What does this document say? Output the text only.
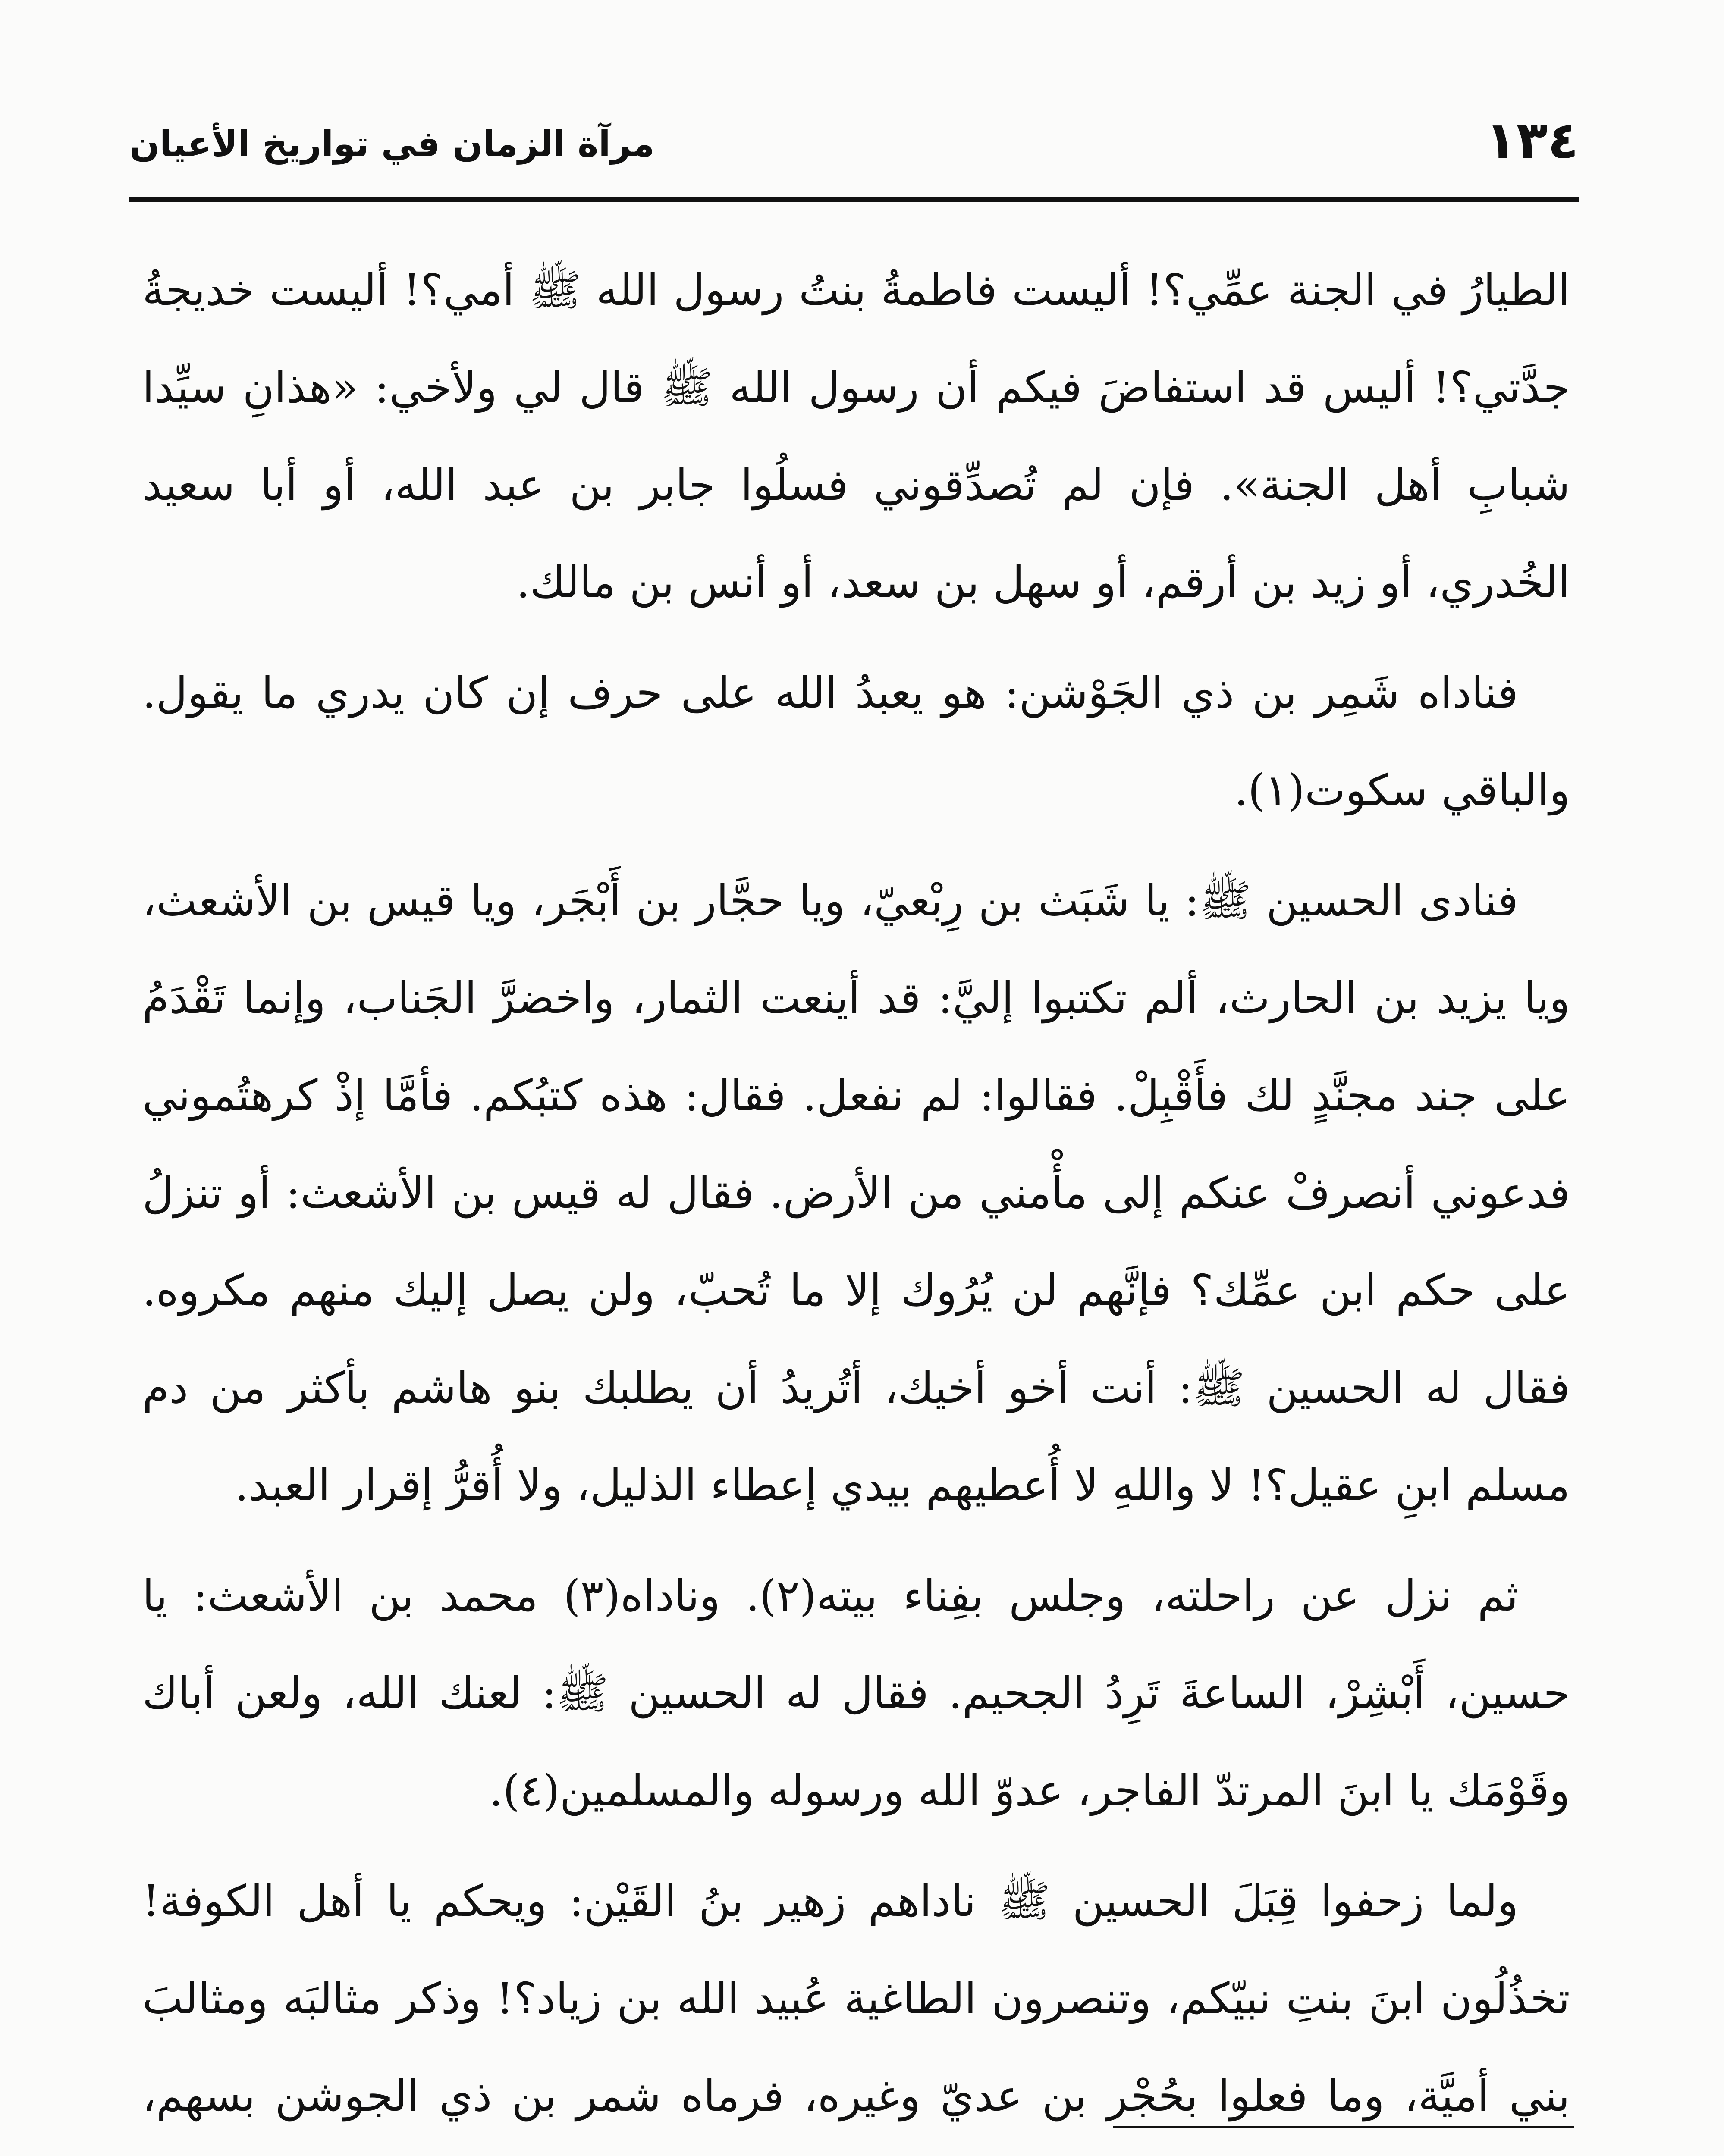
١٣٤
مرآة الزمان في تواريخ الأعيان

الطيارُ في الجنة عمِّي؟! أليست فاطمةُ بنتُ رسول الله ﷺ أمي؟! أليست خديجةُ جدَّتي؟! أليس قد استفاضَ فيكم أن رسول الله ﷺ قال لي ولأخي: «هذانِ سيِّدا شبابِ أهل الجنة». فإن لم تُصدِّقوني فسلُوا جابر بن عبد الله، أو أبا سعيد الخُدري، أو زيد بن أرقم، أو سهل بن سعد، أو أنس بن مالك.

فناداه شَمِر بن ذي الجَوْشن: هو يعبدُ الله على حرف إن كان يدري ما يقول. والباقي سكوت(١).

فنادى الحسين ﷺ: يا شَبَث بن رِبْعيّ، ويا حجَّار بن أَبْجَر، ويا قيس بن الأشعث، ويا يزيد بن الحارث، ألم تكتبوا إليَّ: قد أينعت الثمار، واخضرَّ الجَناب، وإنما تَقْدَمُ على جند مجنَّدٍ لك فأَقْبِلْ. فقالوا: لم نفعل. فقال: هذه كتبُكم. فأمَّا إذْ كرهتُموني فدعوني أنصرفْ عنكم إلى مأْمني من الأرض. فقال له قيس بن الأشعث: أو تنزلُ على حكم ابن عمِّك؟ فإنَّهم لن يُرُوك إلا ما تُحبّ، ولن يصل إليك منهم مكروه. فقال له الحسين ﷺ: أنت أخو أخيك، أتُريدُ أن يطلبك بنو هاشم بأكثر من دم مسلم ابنِ عقيل؟! لا واللهِ لا أُعطيهم بيدي إعطاء الذليل، ولا أُقرُّ إقرار العبد.

ثم نزل عن راحلته، وجلس بفِناء بيته(٢). وناداه(٣) محمد بن الأشعث: يا حسين، أَبْشِرْ، الساعةَ تَرِدُ الجحيم. فقال له الحسين ﷺ: لعنك الله، ولعن أباك وقَوْمَك يا ابنَ المرتدّ الفاجر، عدوّ الله ورسوله والمسلمين(٤).

ولما زحفوا قِبَلَ الحسين ﷺ ناداهم زهير بنُ القَيْن: ويحكم يا أهل الكوفة! تخذُلُون ابنَ بنتِ نبيّكم، وتنصرون الطاغية عُبيد الله بن زياد؟! وذكر مثالبَه ومثالبَ بني أميَّة، وما فعلوا بحُجْر بن عديّ وغيره، فرماه شمر بن ذي الجوشن بسهم،
